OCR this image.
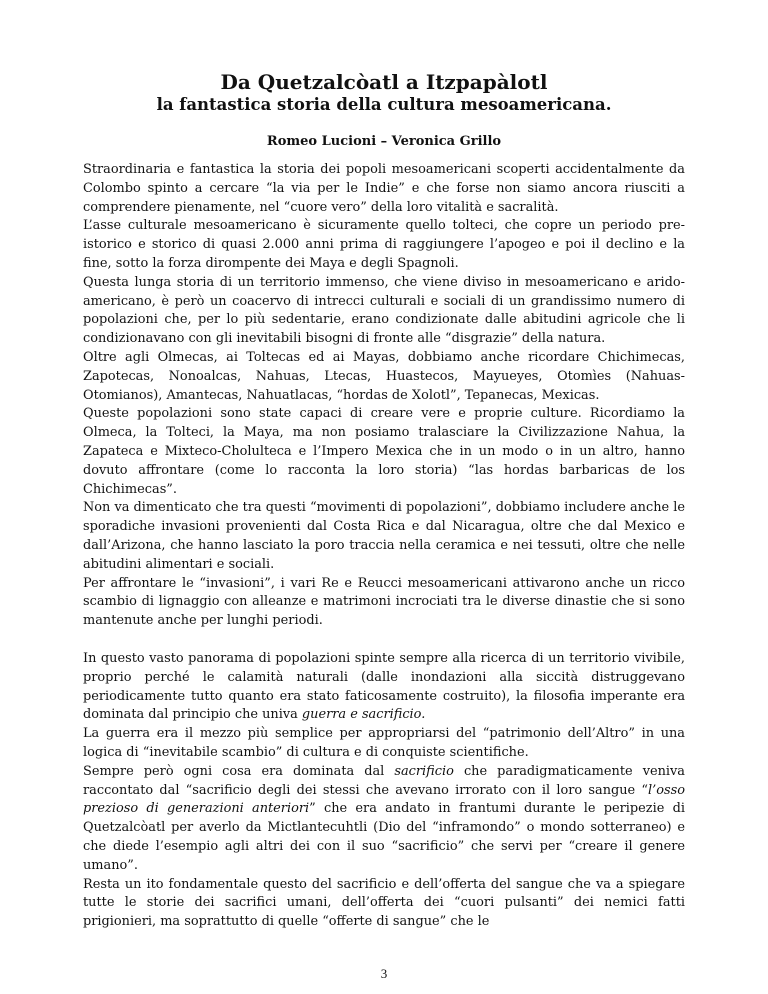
Da Quetzalcòatl a Itzpapàlotl
la fantastica storia della cultura mesoamericana.
Romeo Lucioni – Veronica Grillo

Straordinaria e fantastica la storia dei popoli mesoamericani scoperti accidentalmente da Colombo spinto a cercare “la via per le Indie” e che forse non siamo ancora riusciti a comprendere pienamente, nel “cuore vero” della loro vitalità e sacralità.

L’asse culturale mesoamericano è sicuramente quello tolteci, che copre un periodo pre-istorico e storico di quasi 2.000 anni prima di raggiungere l’apogeo e poi il declino e la fine, sotto la forza dirompente dei Maya e degli Spagnoli.

Questa lunga storia di un territorio immenso, che viene diviso in mesoamericano e arido-americano, è però un coacervo di intrecci culturali e sociali di un grandissimo numero di popolazioni che, per lo più sedentarie, erano condizionate dalle abitudini agricole che li condizionavano con gli inevitabili bisogni di fronte alle “disgrazie” della natura.

Oltre agli Olmecas, ai Toltecas ed ai Mayas, dobbiamo anche ricordare Chichimecas, Zapotecas, Nonoalcas, Nahuas, Ltecas, Huastecos, Mayueyes, Otomìes (Nahuas-Otomianos), Amantecas, Nahuatlacas, “hordas de Xolotl”, Tepanecas, Mexicas.

Queste popolazioni sono state capaci di creare vere e proprie culture. Ricordiamo la Olmeca, la Tolteci, la Maya, ma non posiamo tralasciare la Civilizzazione Nahua, la Zapateca e Mixteco-Cholulteca e l’Impero Mexica che in un modo o in un altro, hanno dovuto affrontare (come lo racconta la loro storia) “las hordas barbaricas de los Chichimecas”.

Non va dimenticato che tra questi “movimenti di popolazioni”, dobbiamo includere anche le sporadiche invasioni provenienti dal Costa Rica e dal Nicaragua, oltre che dal Mexico e dall’Arizona, che hanno lasciato la poro traccia nella ceramica e nei tessuti, oltre che nelle abitudini alimentari e sociali.

Per affrontare le “invasioni”, i vari Re e Reucci mesoamericani attivarono anche un ricco scambio di lignaggio con alleanze e matrimoni incrociati tra le diverse dinastie che si sono mantenute anche per lunghi periodi.

In questo vasto panorama di popolazioni spinte sempre alla ricerca di un territorio vivibile, proprio perché le calamità naturali (dalle inondazioni alla siccità distruggevano periodicamente tutto quanto era stato faticosamente costruito), la filosofia imperante era dominata dal principio che univa guerra e sacrificio.

La guerra era il mezzo più semplice per appropriarsi del “patrimonio dell’Altro” in una logica di “inevitabile scambio” di cultura e di conquiste scientifiche.

Sempre però ogni cosa era dominata dal sacrificio che paradigmaticamente veniva raccontato dal “sacrificio degli dei stessi che avevano irrorato con il loro sangue “l’osso prezioso di generazioni anteriori” che era andato in frantumi durante le peripezie di Quetzalcòatl per averlo da Mictlantecuhtli (Dio del “inframondo” o mondo sotterraneo) e che diede l’esempio agli altri dei con il suo “sacrificio” che servi per “creare il genere umano”.

Resta un ito fondamentale questo del sacrificio e dell’offerta del sangue che va a spiegare tutte le storie dei sacrifici umani, dell’offerta dei “cuori pulsanti” dei nemici fatti prigionieri, ma soprattutto di quelle “offerte di sangue” che le

3
